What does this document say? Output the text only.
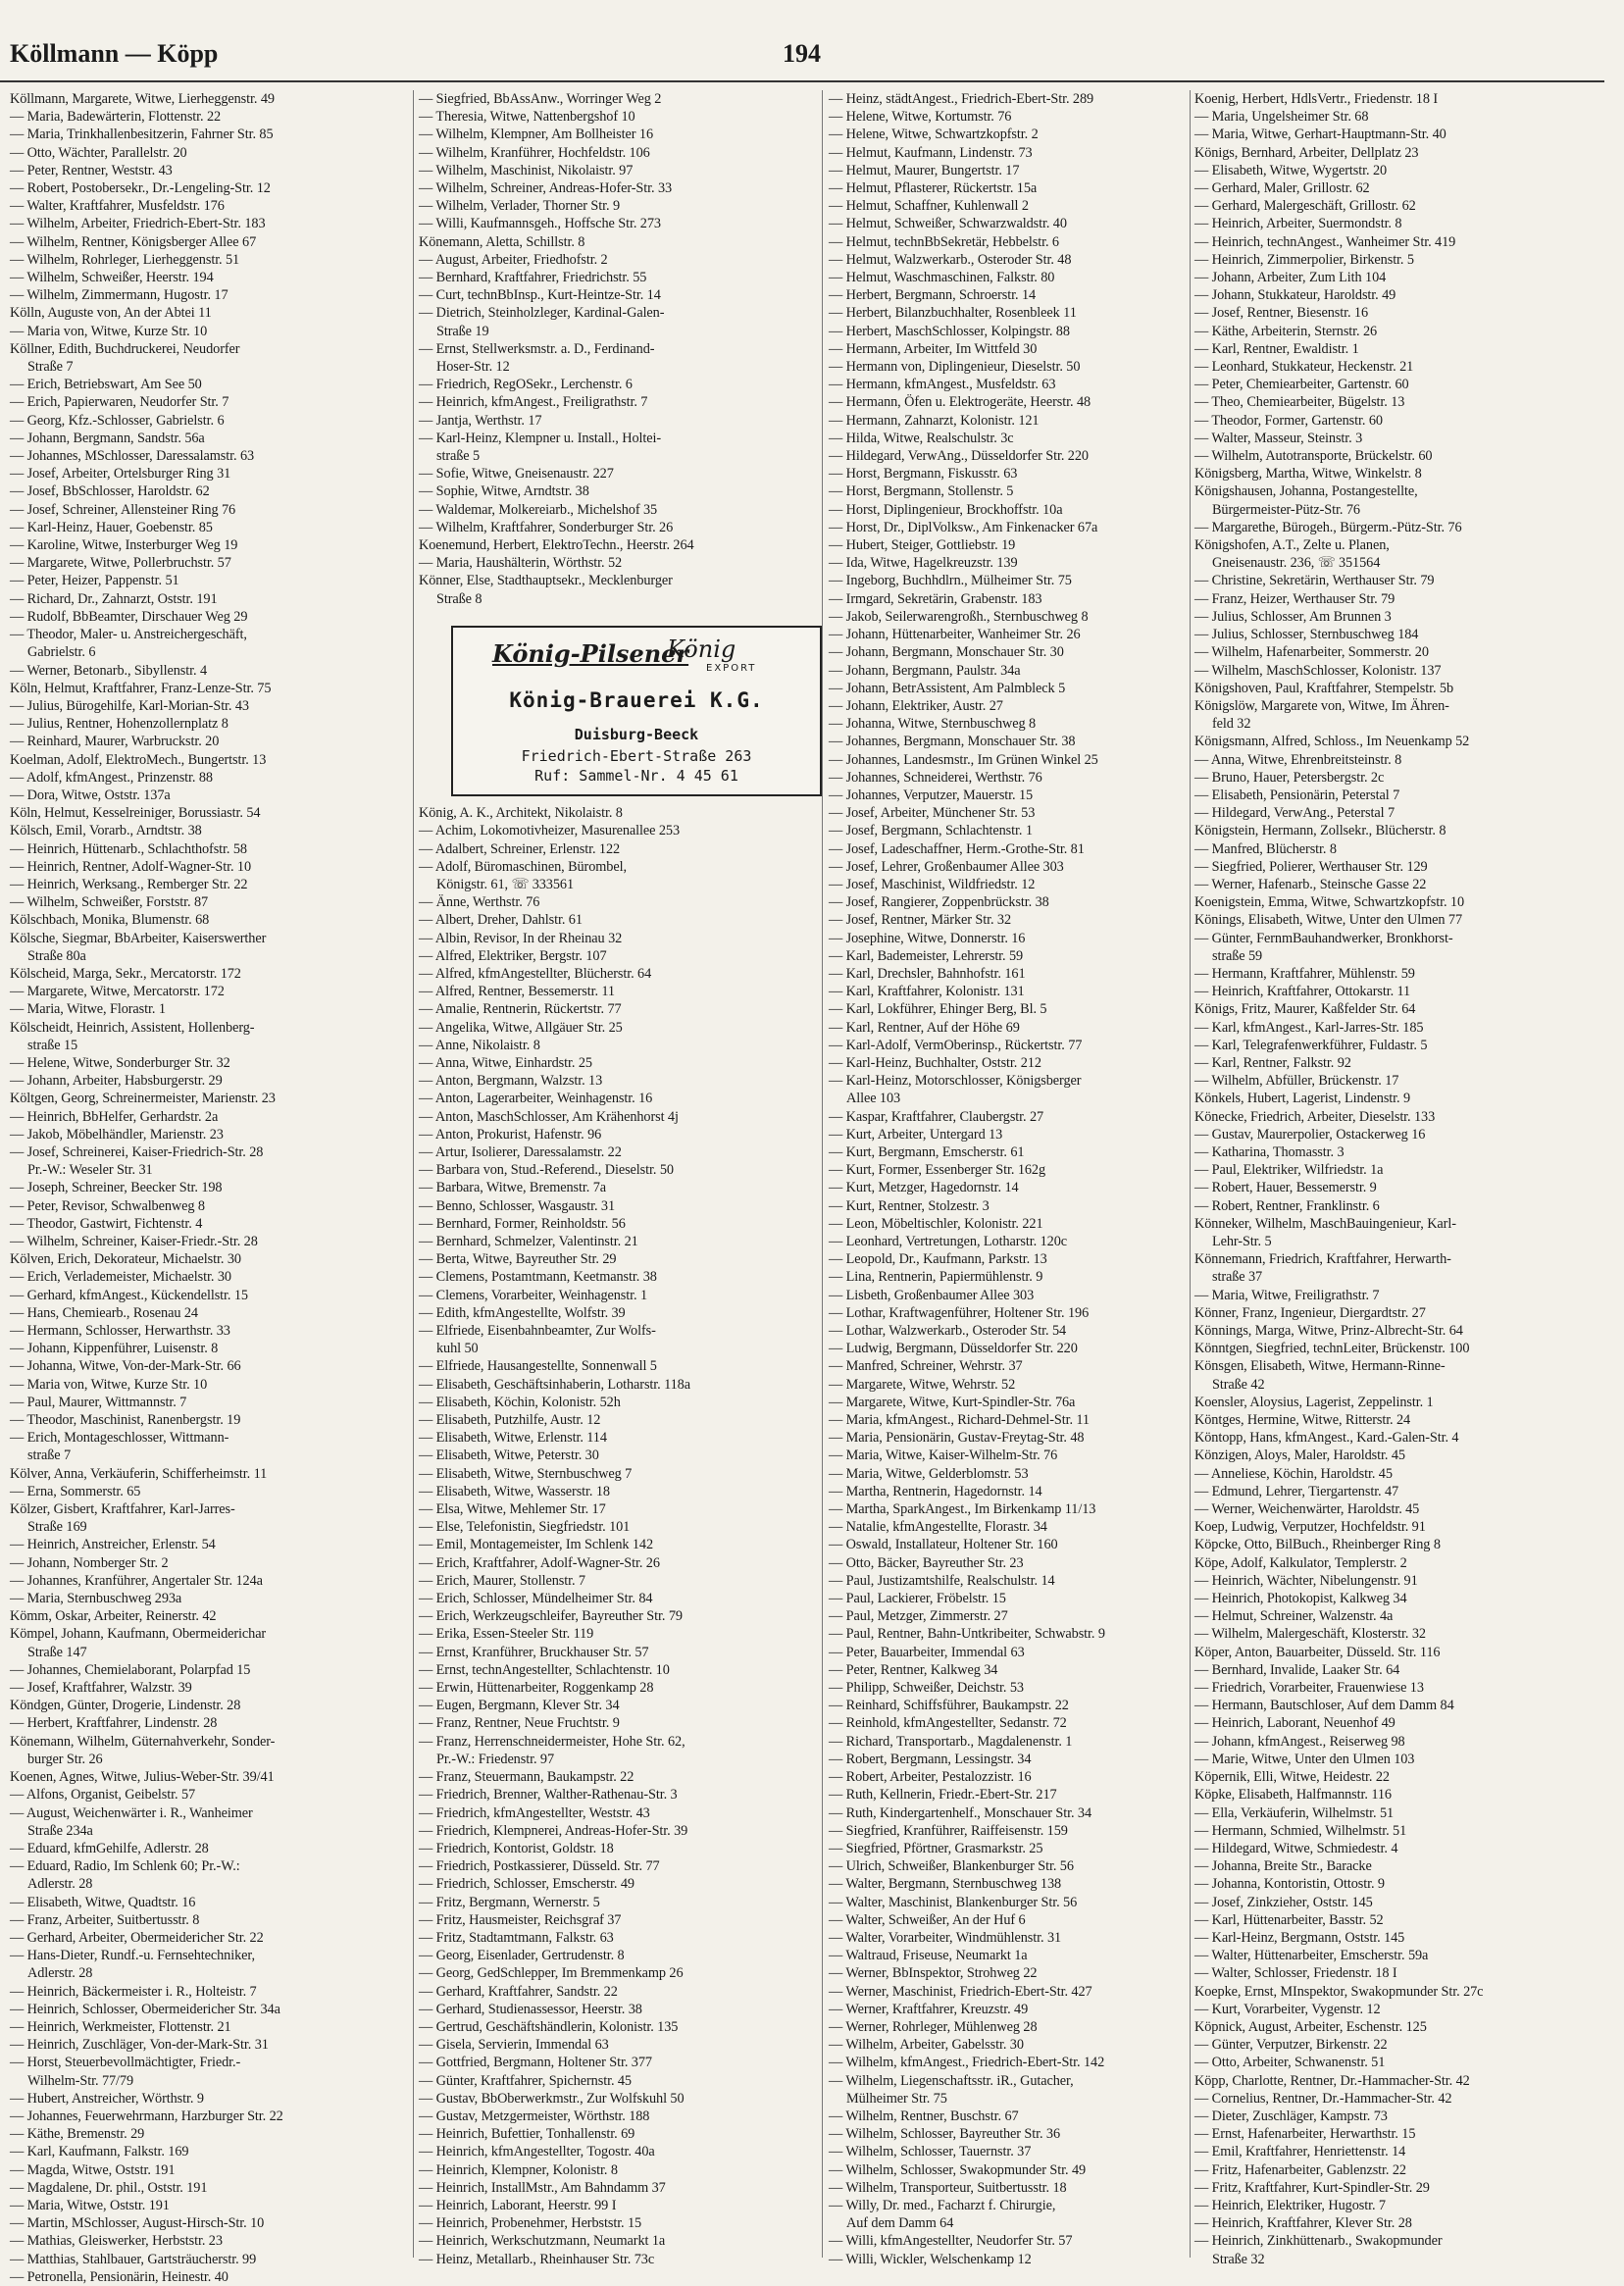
Köllmann — Köpp	194
Köllmann, Margarete, Witwe, Lierheggenstr. 49
— Maria, Badewärterin, Flottenstr. 22
— Maria, Trinkhallenbesitzerin, Fahrner Str. 85
— Otto, Wächter, Parallelstr. 20
— Peter, Rentner, Weststr. 43
— Robert, Postobersekr., Dr.-Lengeling-Str. 12
— Walter, Kraftfahrer, Musfeldstr. 176
— Wilhelm, Arbeiter, Friedrich-Ebert-Str. 183
— Wilhelm, Rentner, Königsberger Allee 67
— Wilhelm, Rohrleger, Lierheggenstr. 51
— Wilhelm, Schweißer, Heerstr. 194
— Wilhelm, Zimmermann, Hugostr. 17
Kölln, Auguste von, An der Abtei 11
— Maria von, Witwe, Kurze Str. 10
Köllner, Edith, Buchdruckerei, Neudorfer
Straße 7
— Erich, Betriebswart, Am See 50
— Erich, Papierwaren, Neudorfer Str. 7
— Georg, Kfz.-Schlosser, Gabrielstr. 6
— Johann, Bergmann, Sandstr. 56a
— Johannes, MSchlosser, Daressalamstr. 63
— Josef, Arbeiter, Ortelsburger Ring 31
— Josef, BbSchlosser, Haroldstr. 62
— Josef, Schreiner, Allensteiner Ring 76
— Karl-Heinz, Hauer, Goebenstr. 85
— Karoline, Witwe, Insterburger Weg 19
— Margarete, Witwe, Pollerbruchstr. 57
— Peter, Heizer, Pappenstr. 51
— Richard, Dr., Zahnarzt, Oststr. 191
— Rudolf, BbBeamter, Dirschauer Weg 29
— Theodor, Maler- u. Anstreichergeschäft,
Gabrielstr. 6
— Werner, Betonarb., Sibyllenstr. 4
Köln, Helmut, Kraftfahrer, Franz-Lenze-Str. 75
— Julius, Bürogehilfe, Karl-Morian-Str. 43
— Julius, Rentner, Hohenzollernplatz 8
— Reinhard, Maurer, Warbruckstr. 20
Koelman, Adolf, ElektroMech., Bungertstr. 13
— Adolf, kfmAngest., Prinzenstr. 88
— Dora, Witwe, Oststr. 137a
Köln, Helmut, Kesselreiniger, Borussiastr. 54
Kölsch, Emil, Vorarb., Arndtstr. 38
— Heinrich, Hüttenarb., Schlachthofstr. 58
— Heinrich, Rentner, Adolf-Wagner-Str. 10
— Heinrich, Werksang., Remberger Str. 22
— Wilhelm, Schweißer, Forststr. 87
Kölschbach, Monika, Blumenstr. 68
Kölsche, Siegmar, BbArbeiter, Kaiserswerther
Straße 80a
Kölscheid, Marga, Sekr., Mercatorstr. 172
— Margarete, Witwe, Mercatorstr. 172
— Maria, Witwe, Florastr. 1
Kölscheidt, Heinrich, Assistent, Hollenberg-
straße 15
— Helene, Witwe, Sonderburger Str. 32
— Johann, Arbeiter, Habsburgerstr. 29
Költgen, Georg, Schreinermeister, Marienstr. 23
— Heinrich, BbHelfer, Gerhardstr. 2a
— Jakob, Möbelhändler, Marienstr. 23
— Josef, Schreinerei, Kaiser-Friedrich-Str. 28
Pr.-W.: Weseler Str. 31
— Joseph, Schreiner, Beecker Str. 198
— Peter, Revisor, Schwalbenweg 8
— Theodor, Gastwirt, Fichtenstr. 4
— Wilhelm, Schreiner, Kaiser-Friedr.-Str. 28
Kölven, Erich, Dekorateur, Michaelstr. 30
— Erich, Verlademeister, Michaelstr. 30
— Gerhard, kfmAngest., Kückendellstr. 15
— Hans, Chemiearb., Rosenau 24
— Hermann, Schlosser, Herwarthstr. 33
— Johann, Kippenführer, Luisenstr. 8
— Johanna, Witwe, Von-der-Mark-Str. 66
— Maria von, Witwe, Kurze Str. 10
— Paul, Maurer, Wittmannstr. 7
— Theodor, Maschinist, Ranenbergstr. 19
— Erich, Montageschlosser, Wittmann-
straße 7
Kölver, Anna, Verkäuferin, Schifferheimstr. 11
— Erna, Sommerstr. 65
Kölzer, Gisbert, Kraftfahrer, Karl-Jarres-
Straße 169
— Heinrich, Anstreicher, Erlenstr. 54
— Johann, Nomberger Str. 2
— Johannes, Kranführer, Angertaler Str. 124a
— Maria, Sternbuschweg 293a
Kömm, Oskar, Arbeiter, Reinerstr. 42
Kömpel, Johann, Kaufmann, Obermeiderichar
Straße 147
— Johannes, Chemielaborant, Polarpfad 15
— Josef, Kraftfahrer, Walzstr. 39
Köndgen, Günter, Drogerie, Lindenstr. 28
— Herbert, Kraftfahrer, Lindenstr. 28
Könemann, Wilhelm, Güternahverkehr, Sonder-
burger Str. 26
Koenen, Agnes, Witwe, Julius-Weber-Str. 39/41
— Alfons, Organist, Geibelstr. 57
— August, Weichenwärter i. R., Wanheimer
Straße 234a
— Eduard, kfmGehilfe, Adlerstr. 28
— Eduard, Radio, Im Schlenk 60; Pr.-W.:
Adlerstr. 28
— Elisabeth, Witwe, Quadtstr. 16
— Franz, Arbeiter, Suitbertusstr. 8
— Gerhard, Arbeiter, Obermeidericher Str. 22
— Hans-Dieter, Rundf.-u. Fernsehtechniker,
Adlerstr. 28
— Heinrich, Bäckermeister i. R., Holteistr. 7
— Heinrich, Schlosser, Obermeidericher Str. 34a
— Heinrich, Werkmeister, Flottenstr. 21
— Heinrich, Zuschläger, Von-der-Mark-Str. 31
— Horst, Steuerbevollmächtigter, Friedr.-
Wilhelm-Str. 77/79
— Hubert, Anstreicher, Wörthstr. 9
— Johannes, Feuerwehrmann, Harzburger Str. 22
— Käthe, Bremenstr. 29
— Karl, Kaufmann, Falkstr. 169
— Magda, Witwe, Oststr. 191
— Magdalene, Dr. phil., Oststr. 191
— Maria, Witwe, Oststr. 191
— Martin, MSchlosser, August-Hirsch-Str. 10
— Mathias, Gleiswerker, Herbststr. 23
— Matthias, Stahlbauer, Gartsträucherstr. 99
— Petronella, Pensionärin, Heinestr. 40
— Siegfried, BbAssAnw., Worringer Weg 2
— Theresia, Witwe, Nattenbergshof 10
— Wilhelm, Klempner, Am Bollheister 16
— Wilhelm, Kranführer, Hochfeldstr. 106
— Wilhelm, Maschinist, Nikolaistr. 97
— Wilhelm, Schreiner, Andreas-Hofer-Str. 33
— Wilhelm, Verlader, Thorner Str. 9
— Willi, Kaufmannsgeh., Hoffsche Str. 273
Könemann, Aletta, Schillstr. 8
— August, Arbeiter, Friedhofstr. 2
— Bernhard, Kraftfahrer, Friedrichstr. 55
— Curt, technBbInsp., Kurt-Heintze-Str. 14
— Dietrich, Steinholzleger, Kardinal-Galen-
Straße 19
— Ernst, Stellwerksmstr. a. D., Ferdinand-
Hoser-Str. 12
— Friedrich, RegOSekr., Lerchenstr. 6
— Heinrich, kfmAngest., Freiligrathstr. 7
— Jantja, Werthstr. 17
— Karl-Heinz, Klempner u. Install., Holtei-
straße 5
— Sofie, Witwe, Gneisenaustr. 227
— Sophie, Witwe, Arndtstr. 38
— Waldemar, Molkereiarb., Michelshof 35
— Wilhelm, Kraftfahrer, Sonderburger Str. 26
Koenemund, Herbert, ElektroTechn., Heerstr. 264
— Maria, Haushälterin, Wörthstr. 52
Könner, Else, Stadthauptsekr., Mecklenburger
Straße 8

König, A. K., Architekt, Nikolaistr. 8
— Achim, Lokomotivheizer, Masurenallee 253
— Adalbert, Schreiner, Erlenstr. 122
— Adolf, Büromaschinen, Bürombel,
Königstr. 61, ☏ 333561
— Änne, Werthstr. 76
— Albert, Dreher, Dahlstr. 61
— Albin, Revisor, In der Rheinau 32
— Alfred, Elektriker, Bergstr. 107
— Alfred, kfmAngestellter, Blücherstr. 64
— Alfred, Rentner, Bessemerstr. 11
— Amalie, Rentnerin, Rückertstr. 77
— Angelika, Witwe, Allgäuer Str. 25
— Anne, Nikolaistr. 8
— Anna, Witwe, Einhardstr. 25
— Anton, Bergmann, Walzstr. 13
— Anton, Lagerarbeiter, Weinhagenstr. 16
— Anton, MaschSchlosser, Am Krähenhorst 4j
— Anton, Prokurist, Hafenstr. 96
— Artur, Isolierer, Daressalamstr. 22
— Barbara von, Stud.-Referend., Dieselstr. 50
— Barbara, Witwe, Bremenstr. 7a
— Benno, Schlosser, Wasgaustr. 31
— Bernhard, Former, Reinholdstr. 56
— Bernhard, Schmelzer, Valentinstr. 21
— Berta, Witwe, Bayreuther Str. 29
— Clemens, Postamtmann, Keetmanstr. 38
— Clemens, Vorarbeiter, Weinhagenstr. 1
— Edith, kfmAngestellte, Wolfstr. 39
— Elfriede, Eisenbahnbeamter, Zur Wolfs-
kuhl 50
— Elfriede, Hausangestellte, Sonnenwall 5
— Elisabeth, Geschäftsinhaberin, Lotharstr. 118a
— Elisabeth, Köchin, Kolonistr. 52h
— Elisabeth, Putzhilfe, Austr. 12
— Elisabeth, Witwe, Erlenstr. 114
— Elisabeth, Witwe, Peterstr. 30
— Elisabeth, Witwe, Sternbuschweg 7
— Elisabeth, Witwe, Wasserstr. 18
— Elsa, Witwe, Mehlemer Str. 17
— Else, Telefonistin, Siegfriedstr. 101
— Emil, Montagemeister, Im Schlenk 142
— Erich, Kraftfahrer, Adolf-Wagner-Str. 26
— Erich, Maurer, Stollenstr. 7
— Erich, Schlosser, Mündelheimer Str. 84
— Erich, Werkzeugschleifer, Bayreuther Str. 79
— Erika, Essen-Steeler Str. 119
— Ernst, Kranführer, Bruckhauser Str. 57
— Ernst, technAngestellter, Schlachtenstr. 10
— Erwin, Hüttenarbeiter, Roggenkamp 28
— Eugen, Bergmann, Klever Str. 34
— Franz, Rentner, Neue Fruchtstr. 9
— Franz, Herrenschneidermeister, Hohe Str. 62,
Pr.-W.: Friedenstr. 97
— Franz, Steuermann, Baukampstr. 22
— Friedrich, Brenner, Walther-Rathenau-Str. 3
— Friedrich, kfmAngestellter, Weststr. 43
— Friedrich, Klempnerei, Andreas-Hofer-Str. 39
— Friedrich, Kontorist, Goldstr. 18
— Friedrich, Postkassierer, Düsseld. Str. 77
— Friedrich, Schlosser, Emscherstr. 49
— Fritz, Bergmann, Wernerstr. 5
— Fritz, Hausmeister, Reichsgraf 37
— Fritz, Stadtamtmann, Falkstr. 63
— Georg, Eisenlader, Gertrudenstr. 8
— Georg, GedSchlepper, Im Bremmenkamp 26
— Gerhard, Kraftfahrer, Sandstr. 22
— Gerhard, Studienassessor, Heerstr. 38
— Gertrud, Geschäftshändlerin, Kolonistr. 135
— Gisela, Servierin, Immendal 63
— Gottfried, Bergmann, Holtener Str. 377
— Günter, Kraftfahrer, Spichernstr. 45
— Gustav, BbOberwerkmstr., Zur Wolfskuhl 50
— Gustav, Metzgermeister, Wörthstr. 188
— Heinrich, Bufettier, Tonhallenstr. 69
— Heinrich, kfmAngestellter, Togostr. 40a
— Heinrich, Klempner, Kolonistr. 8
— Heinrich, InstallMstr., Am Bahndamm 37
— Heinrich, Laborant, Heerstr. 99 I
— Heinrich, Probenehmer, Herbststr. 15
— Heinrich, Werkschutzmann, Neumarkt 1a
— Heinz, Metallarb., Rheinhauser Str. 73c
— Heinz, städtAngest., Friedrich-Ebert-Str. 289
— Helene, Witwe, Kortumstr. 76
— Helene, Witwe, Schwartzkopfstr. 2
— Helmut, Kaufmann, Lindenstr. 73
— Helmut, Maurer, Bungertstr. 17
— Helmut, Pflasterer, Rückertstr. 15a
— Helmut, Schaffner, Kuhlenwall 2
— Helmut, Schweißer, Schwarzwaldstr. 40
— Helmut, technBbSekretär, Hebbelstr. 6
— Helmut, Walzwerkarb., Osteroder Str. 48
— Helmut, Waschmaschinen, Falkstr. 80
— Herbert, Bergmann, Schroerstr. 14
— Herbert, Bilanzbuchhalter, Rosenbleek 11
— Herbert, MaschSchlosser, Kolpingstr. 88
— Hermann, Arbeiter, Im Wittfeld 30
— Hermann von, Diplingenieur, Dieselstr. 50
— Hermann, kfmAngest., Musfeldstr. 63
— Hermann, Öfen u. Elektrogeräte, Heerstr. 48
— Hermann, Zahnarzt, Kolonistr. 121
— Hilda, Witwe, Realschulstr. 3c
— Hildegard, VerwAng., Düsseldorfer Str. 220
— Horst, Bergmann, Fiskusstr. 63
— Horst, Bergmann, Stollenstr. 5
— Horst, Diplingenieur, Brockhoffstr. 10a
— Horst, Dr., DiplVolksw., Am Finkenacker 67a
— Hubert, Steiger, Gottliebstr. 19
— Ida, Witwe, Hagelkreuzstr. 139
— Ingeborg, Buchhdlrn., Mülheimer Str. 75
— Irmgard, Sekretärin, Grabenstr. 183
— Jakob, Seilerwarengroßh., Sternbuschweg 8
— Johann, Hüttenarbeiter, Wanheimer Str. 26
— Johann, Bergmann, Monschauer Str. 30
— Johann, Bergmann, Paulstr. 34a
— Johann, BetrAssistent, Am Palmbleck 5
— Johann, Elektriker, Austr. 27
— Johanna, Witwe, Sternbuschweg 8
— Johannes, Bergmann, Monschauer Str. 38
— Johannes, Landesmstr., Im Grünen Winkel 25
— Johannes, Schneiderei, Werthstr. 76
— Johannes, Verputzer, Mauerstr. 15
— Josef, Arbeiter, Münchener Str. 53
— Josef, Bergmann, Schlachtenstr. 1
— Josef, Ladeschaffner, Herm.-Grothe-Str. 81
— Josef, Lehrer, Großenbaumer Allee 303
— Josef, Maschinist, Wildfriedstr. 12
— Josef, Rangierer, Zoppenbrückstr. 38
— Josef, Rentner, Märker Str. 32
— Josephine, Witwe, Donnerstr. 16
— Karl, Bademeister, Lehrerstr. 59
— Karl, Drechsler, Bahnhofstr. 161
— Karl, Kraftfahrer, Kolonistr. 131
— Karl, Lokführer, Ehinger Berg, Bl. 5
— Karl, Rentner, Auf der Höhe 69
— Karl-Adolf, VermOberinsp., Rückertstr. 77
— Karl-Heinz, Buchhalter, Oststr. 212
— Karl-Heinz, Motorschlosser, Königsberger
Allee 103
— Kaspar, Kraftfahrer, Claubergstr. 27
— Kurt, Arbeiter, Untergard 13
— Kurt, Bergmann, Emscherstr. 61
— Kurt, Former, Essenberger Str. 162g
— Kurt, Metzger, Hagedornstr. 14
— Kurt, Rentner, Stolzestr. 3
— Leon, Möbeltischler, Kolonistr. 221
— Leonhard, Vertretungen, Lotharstr. 120c
— Leopold, Dr., Kaufmann, Parkstr. 13
— Lina, Rentnerin, Papiermühlenstr. 9
— Lisbeth, Großenbaumer Allee 303
— Lothar, Kraftwagenführer, Holtener Str. 196
— Lothar, Walzwerkarb., Osteroder Str. 54
— Ludwig, Bergmann, Düsseldorfer Str. 220
— Manfred, Schreiner, Wehrstr. 37
— Margarete, Witwe, Wehrstr. 52
— Margarete, Witwe, Kurt-Spindler-Str. 76a
— Maria, kfmAngest., Richard-Dehmel-Str. 11
— Maria, Pensionärin, Gustav-Freytag-Str. 48
— Maria, Witwe, Kaiser-Wilhelm-Str. 76
— Maria, Witwe, Gelderblomstr. 53
— Martha, Rentnerin, Hagedornstr. 14
— Martha, SparkAngest., Im Birkenkamp 11/13
— Natalie, kfmAngestellte, Florastr. 34
— Oswald, Installateur, Holtener Str. 160
— Otto, Bäcker, Bayreuther Str. 23
— Paul, Justizamtshilfe, Realschulstr. 14
— Paul, Lackierer, Fröbelstr. 15
— Paul, Metzger, Zimmerstr. 27
— Paul, Rentner, Bahn-Untkribeiter, Schwabstr. 9
— Peter, Bauarbeiter, Immendal 63
— Peter, Rentner, Kalkweg 34
— Philipp, Schweißer, Deichstr. 53
— Reinhard, Schiffsführer, Baukampstr. 22
— Reinhold, kfmAngestellter, Sedanstr. 72
— Richard, Transportarb., Magdalenenstr. 1
— Robert, Bergmann, Lessingstr. 34
— Robert, Arbeiter, Pestalozzistr. 16
— Ruth, Kellnerin, Friedr.-Ebert-Str. 217
— Ruth, Kindergartenhelf., Monschauer Str. 34
— Siegfried, Kranführer, Raiffeisenstr. 159
— Siegfried, Pförtner, Grasmarkstr. 25
— Ulrich, Schweißer, Blankenburger Str. 56
— Walter, Bergmann, Sternbuschweg 138
— Walter, Maschinist, Blankenburger Str. 56
— Walter, Schweißer, An der Huf 6
— Walter, Vorarbeiter, Windmühlenstr. 31
— Waltraud, Friseuse, Neumarkt 1a
— Werner, BbInspektor, Strohweg 22
— Werner, Maschinist, Friedrich-Ebert-Str. 427
— Werner, Kraftfahrer, Kreuzstr. 49
— Werner, Rohrleger, Mühlenweg 28
— Wilhelm, Arbeiter, Gabelsstr. 30
— Wilhelm, kfmAngest., Friedrich-Ebert-Str. 142
— Wilhelm, Liegenschaftsstr. iR., Gutacher,
Mülheimer Str. 75
— Wilhelm, Rentner, Buschstr. 67
— Wilhelm, Schlosser, Bayreuther Str. 36
— Wilhelm, Schlosser, Tauernstr. 37
— Wilhelm, Schlosser, Swakopmunder Str. 49
— Wilhelm, Transporteur, Suitbertusstr. 18
— Willy, Dr. med., Facharzt f. Chirurgie,
Auf dem Damm 64
— Willi, kfmAngestellter, Neudorfer Str. 57
— Willi, Wickler, Welschenkamp 12
Koenig, Herbert, HdlsVertr., Friedenstr. 18 I
— Maria, Ungelsheimer Str. 68
— Maria, Witwe, Gerhart-Hauptmann-Str. 40
Königs, Bernhard, Arbeiter, Dellplatz 23
— Elisabeth, Witwe, Wygertstr. 20
— Gerhard, Maler, Grillostr. 62
— Gerhard, Malergeschäft, Grillostr. 62
— Heinrich, Arbeiter, Suermondstr. 8
— Heinrich, technAngest., Wanheimer Str. 419
— Heinrich, Zimmerpolier, Birkenstr. 5
— Johann, Arbeiter, Zum Lith 104
— Johann, Stukkateur, Haroldstr. 49
— Josef, Rentner, Biesenstr. 16
— Käthe, Arbeiterin, Sternstr. 26
— Karl, Rentner, Ewaldistr. 1
— Leonhard, Stukkateur, Heckenstr. 21
— Peter, Chemiearbeiter, Gartenstr. 60
— Theo, Chemiearbeiter, Bügelstr. 13
— Theodor, Former, Gartenstr. 60
— Walter, Masseur, Steinstr. 3
— Wilhelm, Autotransporte, Brückelstr. 60
Königsberg, Martha, Witwe, Winkelstr. 8
Königshausen, Johanna, Postangestellte,
Bürgermeister-Pütz-Str. 76
— Margarethe, Bürogeh., Bürgerm.-Pütz-Str. 76
Königshofen, A.T., Zelte u. Planen,
Gneisenaustr. 236, ☏ 351564
— Christine, Sekretärin, Werthauser Str. 79
— Franz, Heizer, Werthauser Str. 79
— Julius, Schlosser, Am Brunnen 3
— Julius, Schlosser, Sternbuschweg 184
— Wilhelm, Hafenarbeiter, Sommerstr. 20
— Wilhelm, MaschSchlosser, Kolonistr. 137
Königshoven, Paul, Kraftfahrer, Stempelstr. 5b
Königslöw, Margarete von, Witwe, Im Ähren-
feld 32
Königsmann, Alfred, Schloss., Im Neuenkamp 52
— Anna, Witwe, Ehrenbreitsteinstr. 8
— Bruno, Hauer, Petersbergstr. 2c
— Elisabeth, Pensionärin, Peterstal 7
— Hildegard, VerwAng., Peterstal 7
Königstein, Hermann, Zollsekr., Blücherstr. 8
— Manfred, Blücherstr. 8
— Siegfried, Polierer, Werthauser Str. 129
— Werner, Hafenarb., Steinsche Gasse 22
Koenigstein, Emma, Witwe, Schwartzkopfstr. 10
Könings, Elisabeth, Witwe, Unter den Ulmen 77
— Günter, FernmBauhandwerker, Bronkhorst-
straße 59
— Hermann, Kraftfahrer, Mühlenstr. 59
— Heinrich, Kraftfahrer, Ottokarstr. 11
Königs, Fritz, Maurer, Kaßfelder Str. 64
— Karl, kfmAngest., Karl-Jarres-Str. 185
— Karl, Telegrafenwerkführer, Fuldastr. 5
— Karl, Rentner, Falkstr. 92
— Wilhelm, Abfüller, Brückenstr. 17
Könkels, Hubert, Lagerist, Lindenstr. 9
Könecke, Friedrich, Arbeiter, Dieselstr. 133
— Gustav, Maurerpolier, Ostackerweg 16
— Katharina, Thomasstr. 3
— Paul, Elektriker, Wilfriedstr. 1a
— Robert, Hauer, Bessemerstr. 9
— Robert, Rentner, Franklinstr. 6
Könneker, Wilhelm, MaschBauingenieur, Karl-
Lehr-Str. 5
Könnemann, Friedrich, Kraftfahrer, Herwarth-
straße 37
— Maria, Witwe, Freiligrathstr. 7
Könner, Franz, Ingenieur, Diergardtstr. 27
Könnings, Marga, Witwe, Prinz-Albrecht-Str. 64
Könntgen, Siegfried, technLeiter, Brückenstr. 100
Könsgen, Elisabeth, Witwe, Hermann-Rinne-
Straße 42
Koensler, Aloysius, Lagerist, Zeppelinstr. 1
Köntges, Hermine, Witwe, Ritterstr. 24
Köntopp, Hans, kfmAngest., Kard.-Galen-Str. 4
Könzigen, Aloys, Maler, Haroldstr. 45
— Anneliese, Köchin, Haroldstr. 45
— Edmund, Lehrer, Tiergartenstr. 47
— Werner, Weichenwärter, Haroldstr. 45
Koep, Ludwig, Verputzer, Hochfeldstr. 91
Köpcke, Otto, BilBuch., Rheinberger Ring 8
Köpe, Adolf, Kalkulator, Templerstr. 2
— Heinrich, Wächter, Nibelungenstr. 91
— Heinrich, Photokopist, Kalkweg 34
— Helmut, Schreiner, Walzenstr. 4a
— Wilhelm, Malergeschäft, Klosterstr. 32
Köper, Anton, Bauarbeiter, Düsseld. Str. 116
— Bernhard, Invalide, Laaker Str. 64
— Friedrich, Vorarbeiter, Frauenwiese 13
— Hermann, Bautschloser, Auf dem Damm 84
— Heinrich, Laborant, Neuenhof 49
— Johann, kfmAngest., Reiserweg 98
— Marie, Witwe, Unter den Ulmen 103
Köpernik, Elli, Witwe, Heidestr. 22
Köpke, Elisabeth, Halfmannstr. 116
— Ella, Verkäuferin, Wilhelmstr. 51
— Hermann, Schmied, Wilhelmstr. 51
— Hildegard, Witwe, Schmiedestr. 4
— Johanna, Breite Str., Baracke
— Johanna, Kontoristin, Ottostr. 9
— Josef, Zinkzieher, Oststr. 145
— Karl, Hüttenarbeiter, Basstr. 52
— Karl-Heinz, Bergmann, Oststr. 145
— Walter, Hüttenarbeiter, Emscherstr. 59a
— Walter, Schlosser, Friedenstr. 18 I
Koepke, Ernst, MInspektor, Swakopmunder Str. 27c
— Kurt, Vorarbeiter, Vygenstr. 12
Köpnick, August, Arbeiter, Eschenstr. 125
— Günter, Verputzer, Birkenstr. 22
— Otto, Arbeiter, Schwanenstr. 51
Köpp, Charlotte, Rentner, Dr.-Hammacher-Str. 42
— Cornelius, Rentner, Dr.-Hammacher-Str. 42
— Dieter, Zuschläger, Kampstr. 73
— Ernst, Hafenarbeiter, Herwarthstr. 15
— Emil, Kraftfahrer, Henriettenstr. 14
— Fritz, Hafenarbeiter, Gablenzstr. 22
— Fritz, Kraftfahrer, Kurt-Spindler-Str. 29
— Heinrich, Elektriker, Hugostr. 7
— Heinrich, Kraftfahrer, Klever Str. 28
— Heinrich, Zinkhüttenarb., Swakopmunder
Straße 32
König-Pilsener
König
EXPORT
König-Brauerei K.G.
Duisburg-Beeck
Friedrich-Ebert-Straße 263
Ruf: Sammel-Nr. 4 45 61
